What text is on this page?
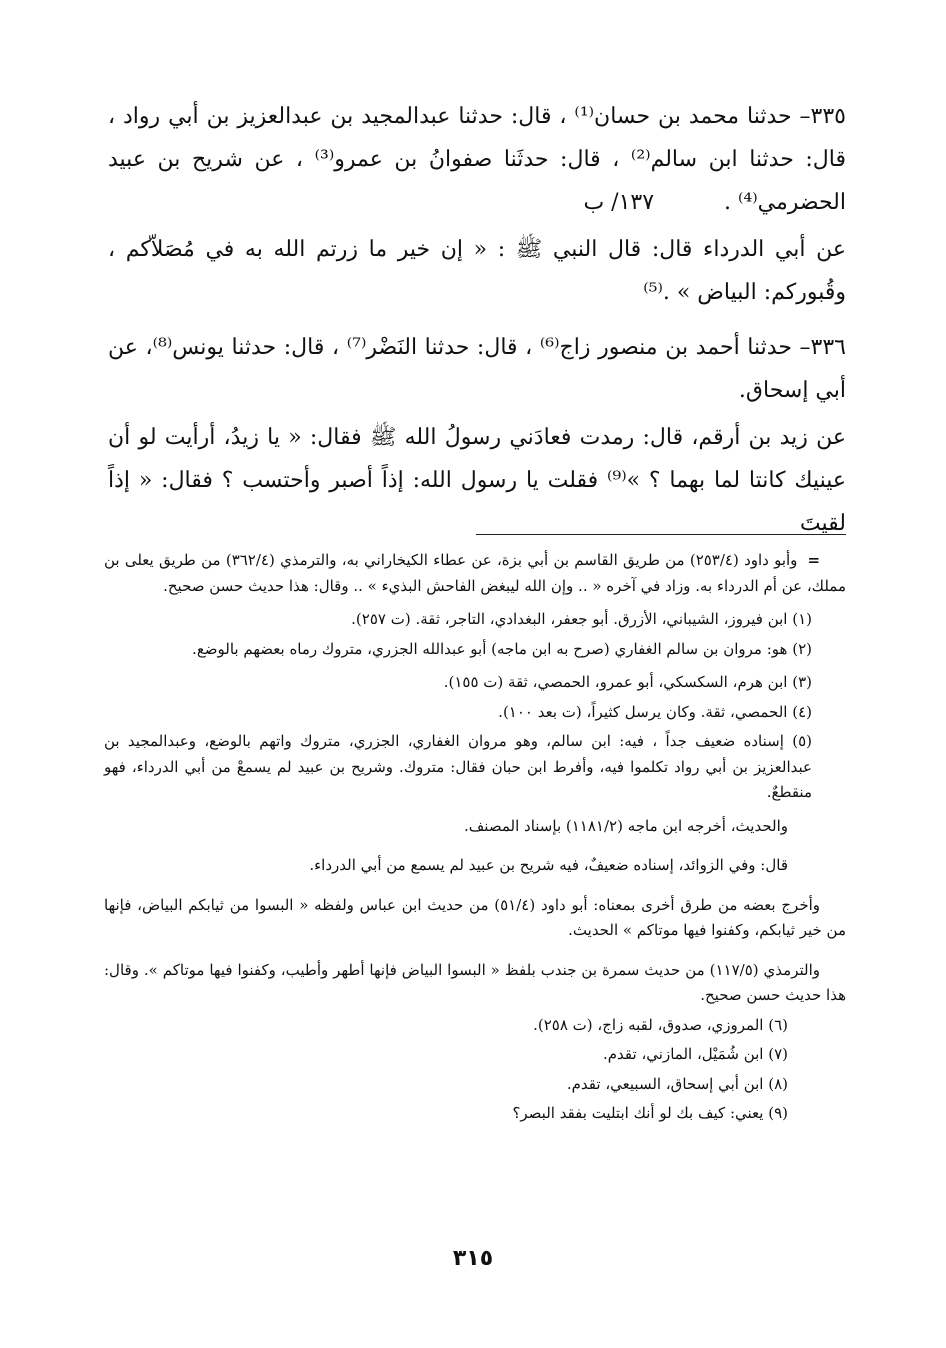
٣٣٥– حدثنا محمد بن حسان⁽¹⁾ ، قال: حدثنا عبدالمجيد بن عبدالعزيز بن أبي رواد ، قال: حدثنا ابن سالم⁽²⁾ ، قال: حدثَنا صفوانُ بن عمرو⁽³⁾ ، عن شريح بن عبيد الحضرمي⁽⁴⁾ .١٣٧/ ب

عن أبي الدرداء قال: قال النبي ﷺ : « إن خير ما زرتم الله به في مُصَلاّكم ، وقُبوركم: البياض » .⁽⁵⁾

٣٣٦– حدثنا أحمد بن منصور زاج⁽⁶⁾ ، قال: حدثنا النَضْر⁽⁷⁾ ، قال: حدثنا يونس⁽⁸⁾، عن أبي إسحاق.

عن زيد بن أرقم، قال: رمدت فعادَني رسولُ الله ﷺ فقال: « يا زيدُ، أرأيت لو أن عينيك كانتا لما بهما ؟ »⁽⁹⁾ فقلت يا رسول الله: إذاً أصبر وأحتسب ؟ فقال: « إذاً لقيتَ

=وأبو داود (٢٥٣/٤) من طريق القاسم بن أبي بزة، عن عطاء الكيخاراني به، والترمذي (٣٦٢/٤) من طريق يعلى بن مملك، عن أم الدرداء به. وزاد في آخره « .. وإن الله ليبغض الفاحش البذيء » .. وقال: هذا حديث حسن صحيح.

(١) ابن فيروز، الشيباني، الأزرق. أبو جعفر، البغدادي، التاجر، ثقة. (ت ٢٥٧).

(٢) هو: مروان بن سالم الغفاري (صرح به ابن ماجه) أبو عبدالله الجزري، متروك رماه بعضهم بالوضع.

(٣) ابن هرم، السكسكي، أبو عمرو، الحمصي، ثقة (ت ١٥٥).

(٤) الحمصي، ثقة. وكان يرسل كثيراً، (ت بعد ١٠٠).

(٥) إسناده ضعيف جداً ، فيه: ابن سالم، وهو مروان الغفاري، الجزري، متروك واتهم بالوضع، وعبدالمجيد بن عبدالعزيز بن أبي رواد تكلموا فيه، وأفرط ابن حبان فقال: متروك. وشريح بن عبيد لم يسمعْ من أبي الدرداء، فهو منقطعٌ.

والحديث، أخرجه ابن ماجه (١١٨١/٢) بإسناد المصنف.

قال: وفي الزوائد، إسناده ضعيفٌ، فيه شريح بن عبيد لم يسمع من أبي الدرداء.

وأخرج بعضه من طرق أخرى بمعناه: أبو داود (٥١/٤) من حديث ابن عباس ولفظه « البسوا من ثيابكم البياض، فإنها من خير ثيابكم، وكفنوا فيها موتاكم » الحديث.

والترمذي (١١٧/٥) من حديث سمرة بن جندب بلفظ « البسوا البياض فإنها أطهر وأطيب، وكفنوا فيها موتاكم ». وقال: هذا حديث حسن صحيح.

(٦) المروزي، صدوق، لقبه زاج، (ت ٢٥٨).

(٧) ابن شُمَيْل، المازني، تقدم.

(٨) ابن أبي إسحاق، السبيعي، تقدم.

(٩) يعني: كيف بك لو أنك ابتليت بفقد البصر؟

٣١٥
